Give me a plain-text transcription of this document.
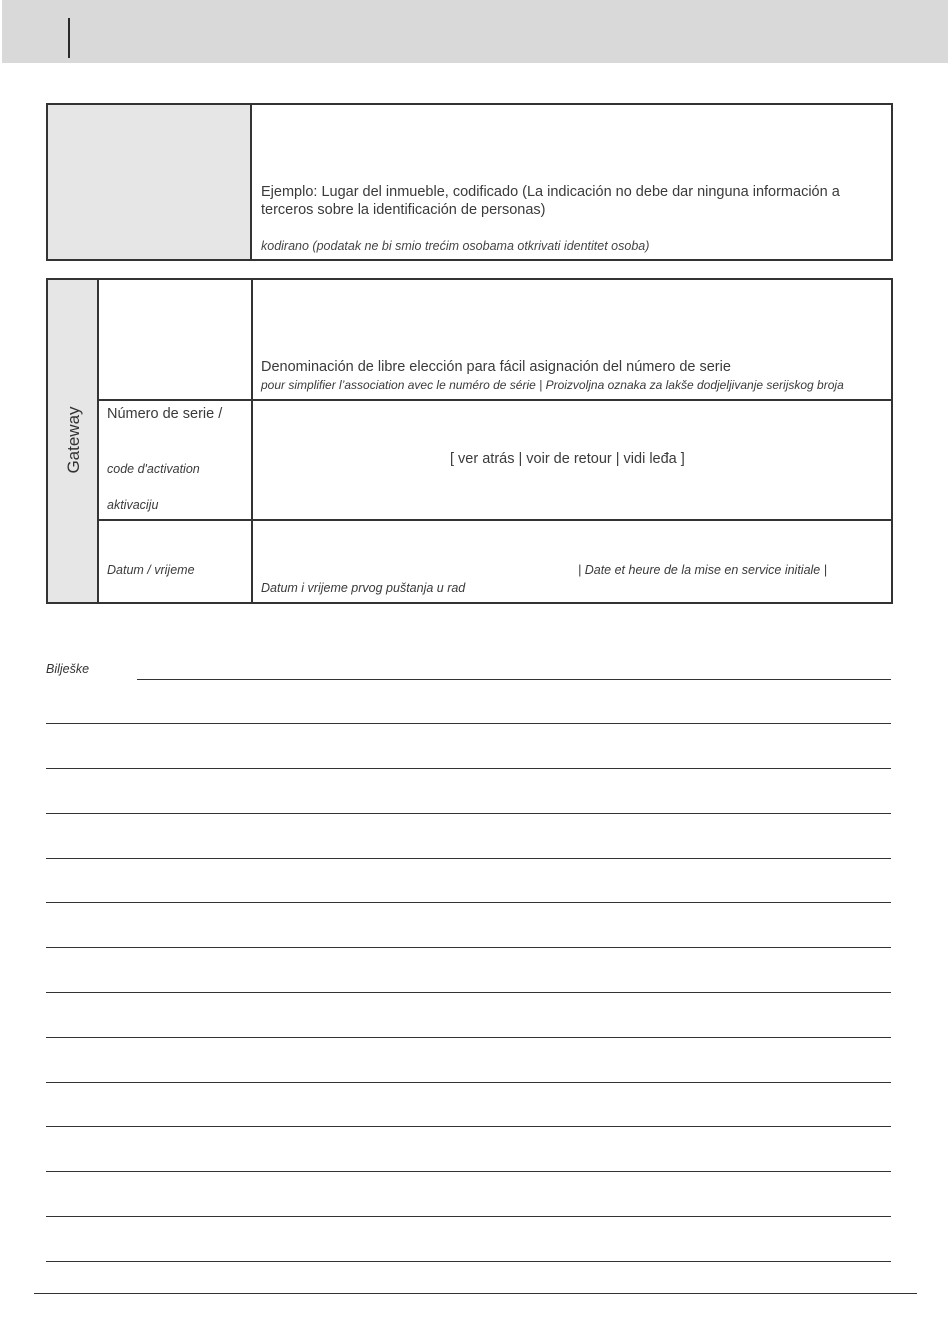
Ejemplo: Lugar del inmueble, codificado (La indicación no debe dar ninguna información a terceros sobre la identificación de personas)
kodirano (podatak ne bi smio trećim osobama otkrivati identitet osoba)
Gateway
Denominación de libre elección para fácil asignación del número de serie
pour simplifier l’association avec le numéro de série | Proizvoljna oznaka za lakše dodjeljivanje serijskog broja
Número de serie /
code d'activation
aktivaciju
[ ver atrás | voir de retour | vidi leđa ]
Datum / vrijeme	| Date et heure de la mise en service initiale |
Datum i vrijeme prvog puštanja u rad
Bilješke
